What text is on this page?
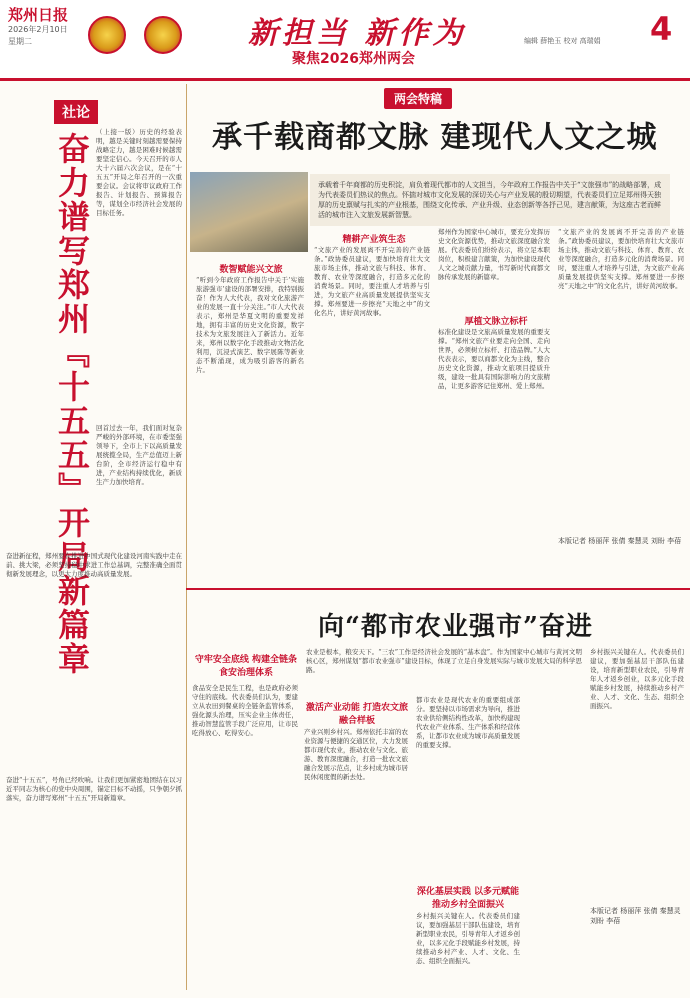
郑州日报
2026年2月10日
星期二	新担当 新作为
聚焦2026郑州两会
编辑 薛艳玉 校对 高瑞娟 4
社论
奋力谱写郑州『十五五』开局新篇章 （上接一版）历史的经验表明，越是关键时刻越需要保持战略定力，越是困难时候越需要坚定信心。今天召开的市人大十六届六次会议，是在“十五五”开局之年召开的一次重要会议。会议将审议政府工作报告、计划报告、预算报告等，谋划全市经济社会发展的目标任务。
回首过去一年，我们面对复杂严峻的外部环境，在市委坚强领导下，全市上下以高质量发展统揽全局，生产总值迈上新台阶，全市经济运行稳中有进，产业结构持续优化，新质生产力加快培育。
奋进新征程，郑州要在推进中国式现代化建设河南实践中走在前、挑大梁，必须坚持稳中求进工作总基调，完整准确全面贯彻新发展理念，以更大力度推动高质量发展。
奋进“十五五”，号角已经吹响。让我们更加紧密地团结在以习近平同志为核心的党中央周围，锚定目标不动摇，只争朝夕抓落实，奋力谱写郑州“十五五”开局新篇章。
两会特稿
承千载商都文脉 建现代人文之城
承载着千年商都的历史积淀，肩负着现代都市的人文担当，今年政府工作报告中关于“文旅强市”的战略部署，成为代表委员们热议的焦点。怀揣对城市文化发展的深切关心与产业发展的殷切期望，代表委员们立足郑州得天独厚的历史禀赋与扎实的产业根基，围绕文化传承、产业升级、业态创新等各抒己见，建言献策，为这座古老而鲜活的城市注入文旅发展新智慧。
数智赋能兴文旅
“听到今年政府工作报告中关于‘实施旅游强市’建设的部署安排，我特别振奋！作为人大代表，我对文化旅游产业的发展一直十分关注。”市人大代表表示，郑州是华夏文明的重要发祥地，拥有丰富的历史文化资源，数字技术为文旅发展注入了新活力。近年来，郑州以数字化手段推动文物活化利用，沉浸式演艺、数字展陈等新业态不断涌现，成为吸引游客的新名片。
精耕产业筑生态
“文旅产业的发展离不开完善的产业链条。”政协委员建议，要加快培育壮大文旅市场主体，推动文旅与科技、体育、教育、农业等深度融合，打造多元化的消费场景。同时，要注重人才培养与引进，为文旅产业高质量发展提供坚实支撑。郑州要进一步擦亮“天地之中”的文化名片，讲好黄河故事。
厚植文脉立标杆
郑州作为国家中心城市，要充分发挥历史文化资源优势，推动文旅深度融合发展。代表委员们纷纷表示，将立足本职岗位，积极建言献策，为加快建设现代人文之城贡献力量，书写新时代商都文脉传承发展的新篇章。
标准化建设是文旅高质量发展的重要支撑。“郑州文旅产业要走向全国、走向世界，必须树立标杆、打造品牌。”人大代表表示，要以商都文化为主线，整合历史文化资源，推动文旅项目提质升级，建设一批具有国际影响力的文旅精品，让更多游客记住郑州、爱上郑州。
“文旅产业的发展离不开完善的产业链条。”政协委员建议，要加快培育壮大文旅市场主体，推动文旅与科技、体育、教育、农业等深度融合，打造多元化的消费场景。同时，要注重人才培养与引进，为文旅产业高质量发展提供坚实支撑。郑州要进一步擦亮“天地之中”的文化名片，讲好黄河故事。
本版记者 杨丽萍 张倩 秦慧灵 刘盼 李蓓
向“都市农业强市”奋进
守牢安全底线 构建全链条食安治理体系
食品安全是民生工程，也是政府必须守住的底线。代表委员们认为，要建立从农田到餐桌的全链条监管体系，强化源头治理，压实企业主体责任，推动智慧监管手段广泛应用，让市民吃得放心、吃得安心。
农业是根本，粮安天下。“三农”工作是经济社会发展的“基本盘”。作为国家中心城市与黄河文明核心区，郑州谋划“都市农业强市”建设目标，体现了立足自身发展实际与城市发展大局的科学思路。
激活产业动能 打造农文旅融合样板
产业兴则乡村兴。郑州依托丰富的农业资源与便捷的交通区位，大力发展都市现代农业，推动农业与文化、旅游、教育深度融合，打造一批农文旅融合发展示范点，让乡村成为城市居民休闲度假的新去处。
都市农业是现代农业的重要组成部分。要坚持以市场需求为导向，推进农业供给侧结构性改革，加快构建现代农业产业体系、生产体系和经营体系，让都市农业成为城市高质量发展的重要支撑。
深化基层实践 以多元赋能推动乡村全面振兴
乡村振兴关键在人。代表委员们建议，要加强基层干部队伍建设，培育新型职业农民，引导青年人才返乡创业，以多元化手段赋能乡村发展，持续推动乡村产业、人才、文化、生态、组织全面振兴。
乡村振兴关键在人。代表委员们建议，要加强基层干部队伍建设，培育新型职业农民，引导青年人才返乡创业，以多元化手段赋能乡村发展，持续推动乡村产业、人才、文化、生态、组织全面振兴。
本版记者 杨丽萍 张倩 秦慧灵 刘盼 李蓓
